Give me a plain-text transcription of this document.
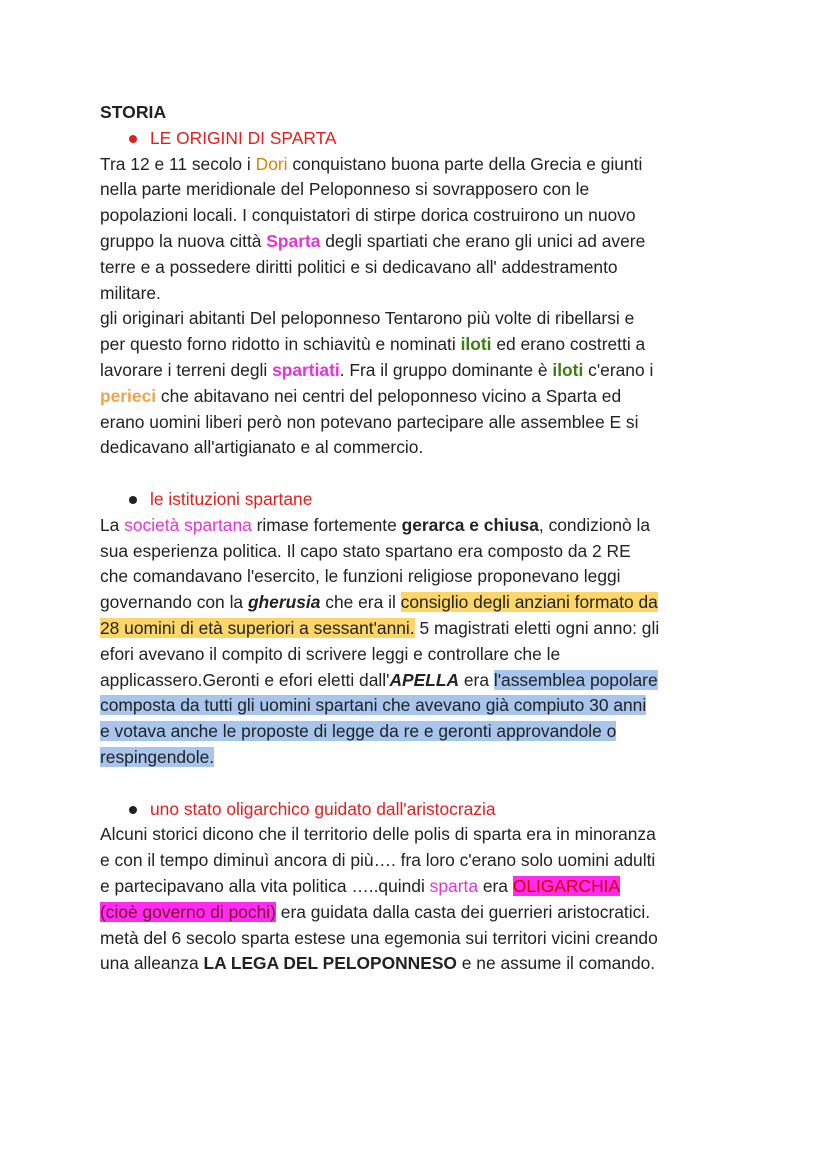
STORIA
LE ORIGINI DI SPARTA
Tra 12 e 11 secolo i Dori conquistano buona parte della Grecia e giunti
nella parte meridionale del Peloponneso si sovrapposero con le
popolazioni locali. I conquistatori di stirpe dorica costruirono un nuovo
gruppo la nuova città Sparta degli spartiati che erano gli unici ad avere
terre e a possedere diritti politici e si dedicavano all' addestramento
militare.
gli originari abitanti Del peloponneso Tentarono più volte di ribellarsi e
per questo forno ridotto in schiavitù e nominati iloti ed erano costretti a
lavorare i terreni degli spartiati. Fra il gruppo dominante è iloti c'erano i
perieci che abitavano nei centri del peloponneso vicino a Sparta ed
erano uomini liberi però non potevano partecipare alle assemblee E si
dedicavano all'artigianato e al commercio.
le istituzioni spartane
La società spartana rimase fortemente gerarca e chiusa, condizionò la
sua esperienza politica. Il capo stato spartano era composto da 2 RE
che comandavano l'esercito, le funzioni religiose proponevano leggi
governando con la gherusia che era il consiglio degli anziani formato da
28 uomini di età superiori a sessant'anni. 5 magistrati eletti ogni anno: gli
efori avevano il compito di scrivere leggi e controllare che le
applicassero.Geronti e efori eletti dall'APELLA era l'assemblea popolare
composta da tutti gli uomini spartani che avevano già compiuto 30 anni
e votava anche le proposte di legge da re e geronti approvandole o
respingendole.
uno stato oligarchico guidato dall'aristocrazia
Alcuni storici dicono che il territorio delle polis di sparta era in minoranza
e con il tempo diminuì ancora di più…. fra loro c'erano solo uomini adulti
e partecipavano alla vita politica …..quindi sparta era OLIGARCHIA
(cioè governo di pochi) era guidata dalla casta dei guerrieri aristocratici.
metà del 6 secolo sparta estese una egemonia sui territori vicini creando
una alleanza LA LEGA DEL PELOPONNESO e ne assume il comando.
